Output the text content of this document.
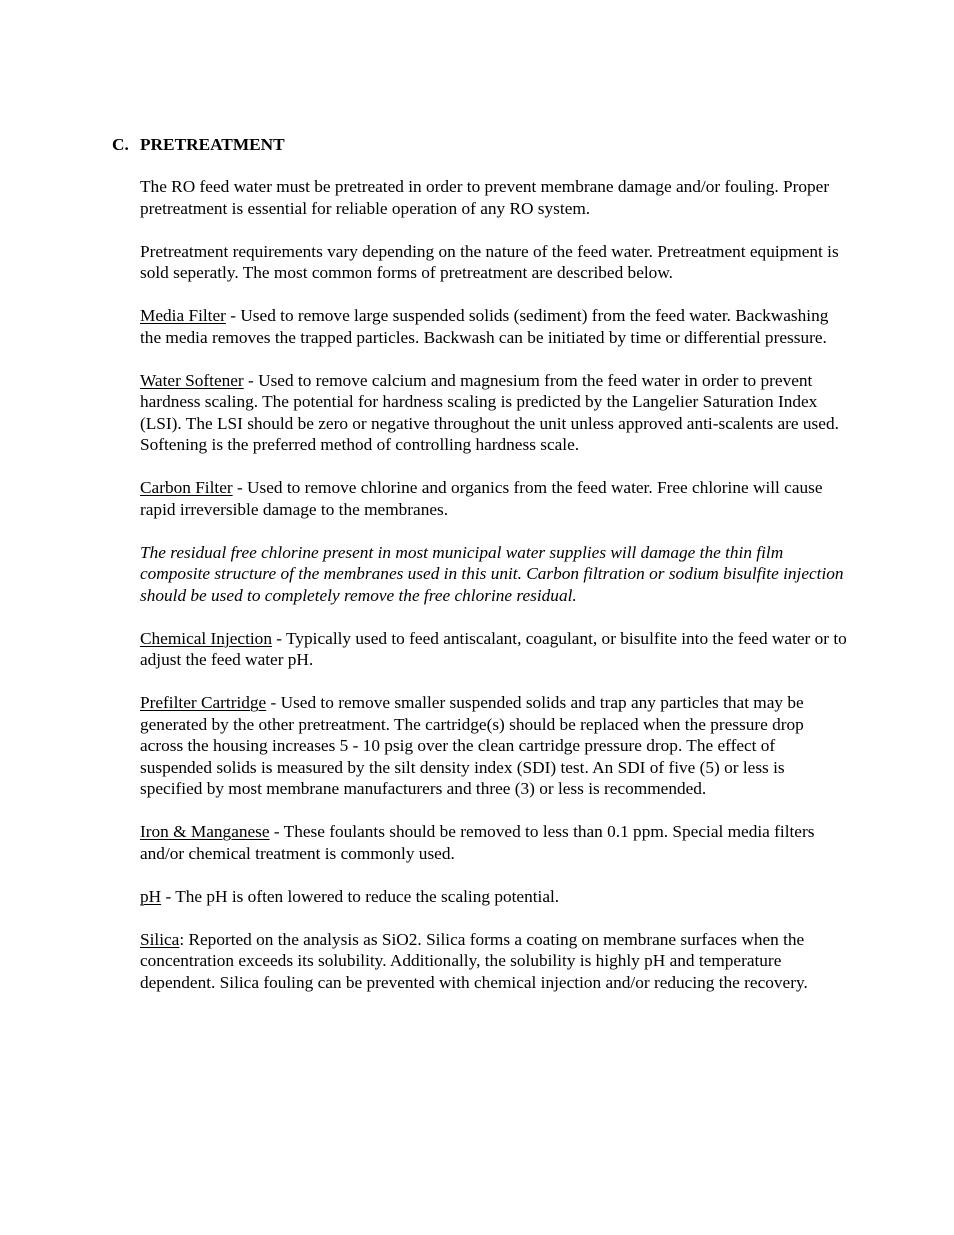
C. PRETREATMENT

The RO feed water must be pretreated in order to prevent membrane damage and/or fouling. Proper pretreatment is essential for reliable operation of any RO system.

Pretreatment requirements vary depending on the nature of the feed water. Pretreatment equipment is sold seperatly. The most common forms of pretreatment are described below.

Media Filter - Used to remove large suspended solids (sediment) from the feed water. Backwashing the media removes the trapped particles. Backwash can be initiated by time or differential pressure.

Water Softener - Used to remove calcium and magnesium from the feed water in order to prevent hardness scaling. The potential for hardness scaling is predicted by the Langelier Saturation Index (LSI). The LSI should be zero or negative throughout the unit unless approved anti-scalents are used. Softening is the preferred method of controlling hardness scale.

Carbon Filter - Used to remove chlorine and organics from the feed water. Free chlorine will cause rapid irreversible damage to the membranes.

The residual free chlorine present in most municipal water supplies will damage the thin film composite structure of the membranes used in this unit. Carbon filtration or sodium bisulfite injection should be used to completely remove the free chlorine residual.

Chemical Injection - Typically used to feed antiscalant, coagulant, or bisulfite into the feed water or to adjust the feed water pH.

Prefilter Cartridge - Used to remove smaller suspended solids and trap any particles that may be generated by the other pretreatment. The cartridge(s) should be replaced when the pressure drop across the housing increases 5 - 10 psig over the clean cartridge pressure drop. The effect of suspended solids is measured by the silt density index (SDI) test. An SDI of five (5) or less is specified by most membrane manufacturers and three (3) or less is recommended.

Iron & Manganese - These foulants should be removed to less than 0.1 ppm. Special media filters and/or chemical treatment is commonly used.

pH - The pH is often lowered to reduce the scaling potential.

Silica: Reported on the analysis as SiO2. Silica forms a coating on membrane surfaces when the concentration exceeds its solubility. Additionally, the solubility is highly pH and temperature dependent. Silica fouling can be prevented with chemical injection and/or reducing the recovery.
